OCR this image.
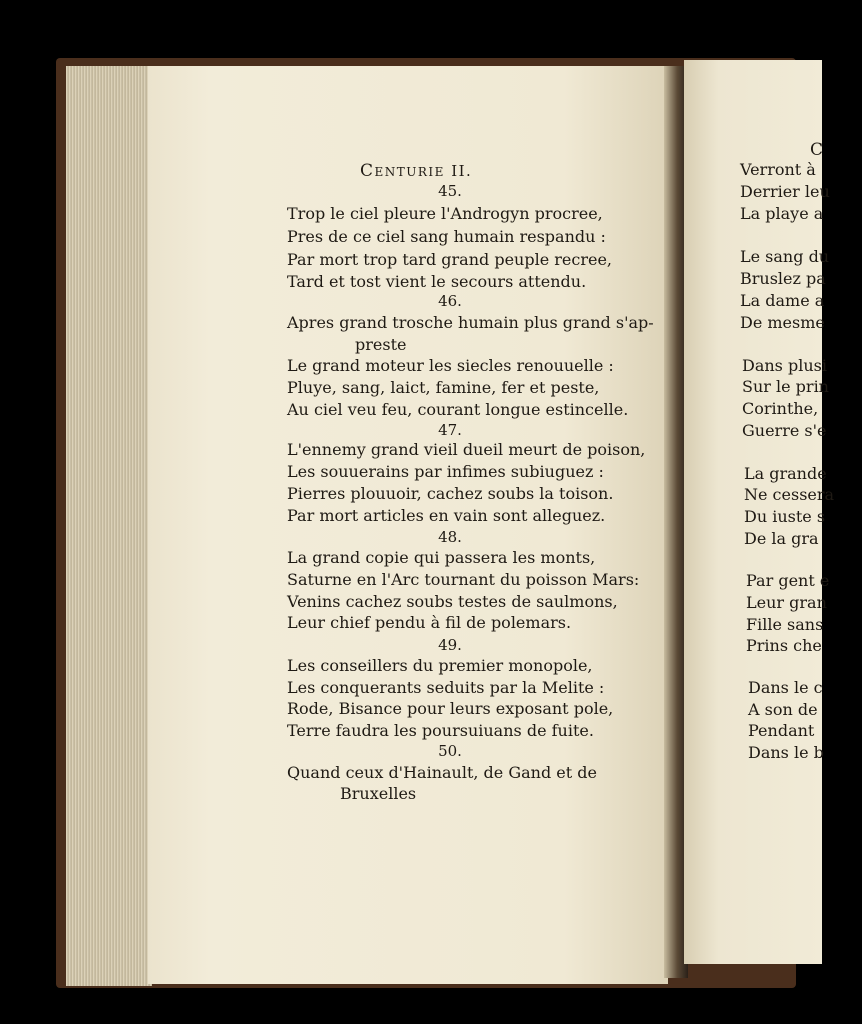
Centurie II.
45.
Trop le ciel pleure l'Androgyn procree,
Pres de ce ciel sang humain respandu :
Par mort trop tard grand peuple recree,
Tard et tost vient le secours attendu.
46.
Apres grand trosche humain plus grand s'ap-
preste
Le grand moteur les siecles renouuelle :
Pluye, sang, laict, famine, fer et peste,
Au ciel veu feu, courant longue estincelle.
47.
L'ennemy grand vieil dueil meurt de poison,
Les souuerains par infimes subiuguez :
Pierres plouuoir, cachez soubs la toison.
Par mort articles en vain sont alleguez.
48.
La grand copie qui passera les monts,
Saturne en l'Arc tournant du poisson Mars:
Venins cachez soubs testes de saulmons,
Leur chief pendu à fil de polemars.
49.
Les conseillers du premier monopole,
Les conquerants seduits par la Melite :
Rode, Bisance pour leurs exposant pole,
Terre faudra les poursuiuans de fuite.
50.
Quand ceux d'Hainault, de Gand et de
Bruxelles
C
Verront à
Derrier leu
La playe a
Le sang du
Bruslez pa
La dame a
De mesme
Dans plusi
Sur le prin
Corinthe,
Guerre s'e
La grande
Ne cessera
Du iuste s
De la gra
Par gent e
Leur gran
Fille sans
Prins che
Dans le c
A son de
Pendant
Dans le b
